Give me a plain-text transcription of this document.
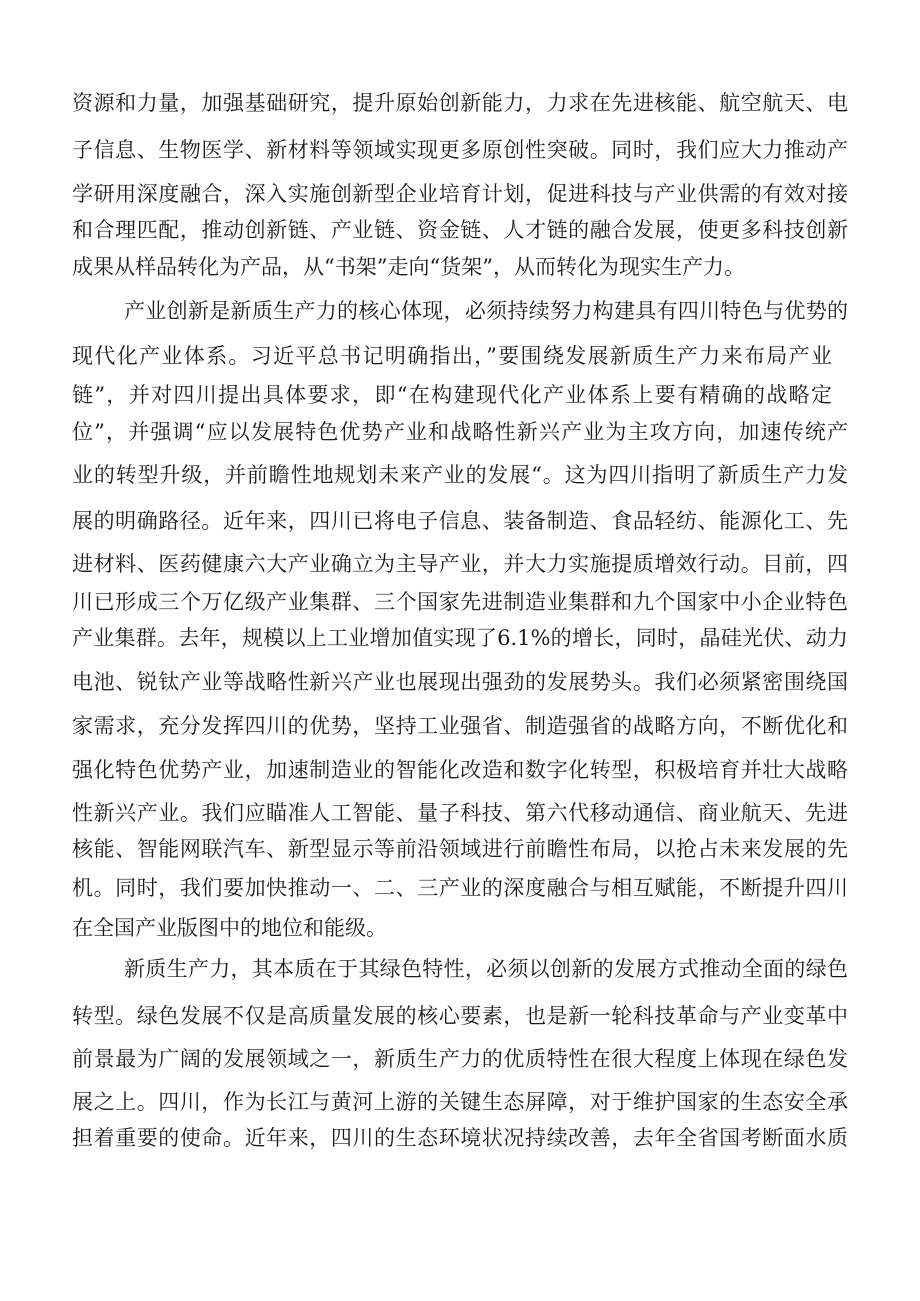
资源和力量，加强基础研究，提升原始创新能力，力求在先进核能、航空航天、电
子信息、生物医学、新材料等领域实现更多原创性突破。同时，我们应大力推动产
学研用深度融合，深入实施创新型企业培育计划，促进科技与产业供需的有效对接
和合理匹配，推动创新链、产业链、资金链、人才链的融合发展，使更多科技创新
成果从样品转化为产品，从“书架”走向“货架”，从而转化为现实生产力。
产业创新是新质生产力的核心体现，必须持续努力构建具有四川特色与优势的
现代化产业体系。习近平总书记明确指出，”要围绕发展新质生产力来布局产业
链”，并对四川提出具体要求，即“在构建现代化产业体系上要有精确的战略定
位”，并强调“应以发展特色优势产业和战略性新兴产业为主攻方向，加速传统产
业的转型升级，并前瞻性地规划未来产业的发展“。这为四川指明了新质生产力发
展的明确路径。近年来，四川已将电子信息、装备制造、食品轻纺、能源化工、先
进材料、医药健康六大产业确立为主导产业，并大力实施提质增效行动。目前，四
川已形成三个万亿级产业集群、三个国家先进制造业集群和九个国家中小企业特色
产业集群。去年，规模以上工业增加值实现了6.1%的增长，同时，晶硅光伏、动力
电池、锐钛产业等战略性新兴产业也展现出强劲的发展势头。我们必须紧密围绕国
家需求，充分发挥四川的优势，坚持工业强省、制造强省的战略方向，不断优化和
强化特色优势产业，加速制造业的智能化改造和数字化转型，积极培育并壮大战略
性新兴产业。我们应瞄准人工智能、量子科技、第六代移动通信、商业航天、先进
核能、智能网联汽车、新型显示等前沿领域进行前瞻性布局，以抢占未来发展的先
机。同时，我们要加快推动一、二、三产业的深度融合与相互赋能，不断提升四川
在全国产业版图中的地位和能级。
新质生产力，其本质在于其绿色特性，必须以创新的发展方式推动全面的绿色
转型。绿色发展不仅是高质量发展的核心要素，也是新一轮科技革命与产业变革中
前景最为广阔的发展领域之一，新质生产力的优质特性在很大程度上体现在绿色发
展之上。四川，作为长江与黄河上游的关键生态屏障，对于维护国家的生态安全承
担着重要的使命。近年来，四川的生态环境状况持续改善，去年全省国考断面水质
